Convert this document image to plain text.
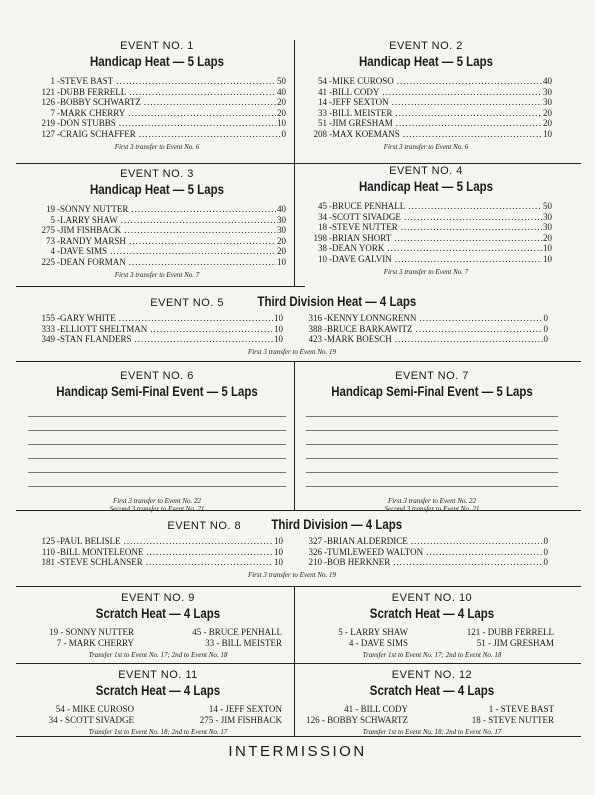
EVENT NO. 1
Handicap Heat — 5 Laps
1 - STEVE BAST .....	50
121 - DUBB FERRELL .....	40
126 - BOBBY SCHWARTZ .....	20
7 - MARK CHERRY .....	20
219 - DON STUBBS .....	10
127 - CRAIG SCHAFFER .....	0
First 3 transfer to Event No. 6
EVENT NO. 2
Handicap Heat — 5 Laps
54 - MIKE CUROSO .....	40
41 - BILL CODY .....	30
14 - JEFF SEXTON .....	30
33 - BILL MEISTER .....	20
51 - JIM GRESHAM .....	20
208 - MAX KOEMANS .....	10
First 3 transfer to Event No. 6
EVENT NO. 3
Handicap Heat — 5 Laps
19 - SONNY NUTTER .....	40
5 - LARRY SHAW .....	30
275 - JIM FISHBACK .....	30
73 - RANDY MARSH .....	20
4 - DAVE SIMS .....	20
225 - DEAN FORMAN .....	10
First 3 transfer to Event No. 7
EVENT NO. 4
Handicap Heat — 5 Laps
45 - BRUCE PENHALL .....	50
34 - SCOTT SIVADGE .....	30
18 - STEVE NUTTER .....	30
198 - BRIAN SHORT .....	20
38 - DEAN YORK .....	10
10 - DAVE GALVIN .....	10
First 3 transfer to Event No. 7
EVENT NO. 5 Third Division Heat — 4 Laps
155 - GARY WHITE .....	10
333 - ELLIOTT SHELTMAN .....	10
349 - STAN FLANDERS .....	10
316 - KENNY LONNGRENN .....	0
388 - BRUCE BARKAWITZ .....	0
423 - MARK BOESCH .....	0
First 3 transfer to Event No. 19
EVENT NO. 6
Handicap Semi-Final Event — 5 Laps
First 3 transfer to Event No. 22
Second 3 transfer to Event No. 21
EVENT NO. 7
Handicap Semi-Final Event — 5 Laps
First 3 transfer to Event No. 22
Second 3 transfer to Event No. 21
EVENT NO. 8 Third Division — 4 Laps
125 - PAUL BELISLE .....	10
110 - BILL MONTELEONE .....	10
181 - STEVE SCHLANSER .....	10
327 - BRIAN ALDERDICE .....	0
326 - TUMLEWEED WALTON .....	0
210 - BOB HERKNER .....	0
First 3 transfer to Event No. 19
EVENT NO. 9
Scratch Heat — 4 Laps
19 - SONNY NUTTER	45 - BRUCE PENHALL
7 - MARK CHERRY	33 - BILL MEISTER
Transfer 1st to Event No. 17; 2nd to Event No. 18
EVENT NO. 10
Scratch Heat — 4 Laps
5 - LARRY SHAW	121 - DUBB FERRELL
4 - DAVE SIMS	51 - JIM GRESHAM
Transfer 1st to Event No. 17; 2nd to Event No. 18
EVENT NO. 11
Scratch Heat — 4 Laps
54 - MIKE CUROSO	14 - JEFF SEXTON
34 - SCOTT SIVADGE	275 - JIM FISHBACK
Transfer 1st to Event No. 18; 2nd to Event No. 17
EVENT NO. 12
Scratch Heat — 4 Laps
41 - BILL CODY	1 - STEVE BAST
126 - BOBBY SCHWARTZ	18 - STEVE NUTTER
Transfer 1st to Event No. 18; 2nd to Event No. 17
INTERMISSION
